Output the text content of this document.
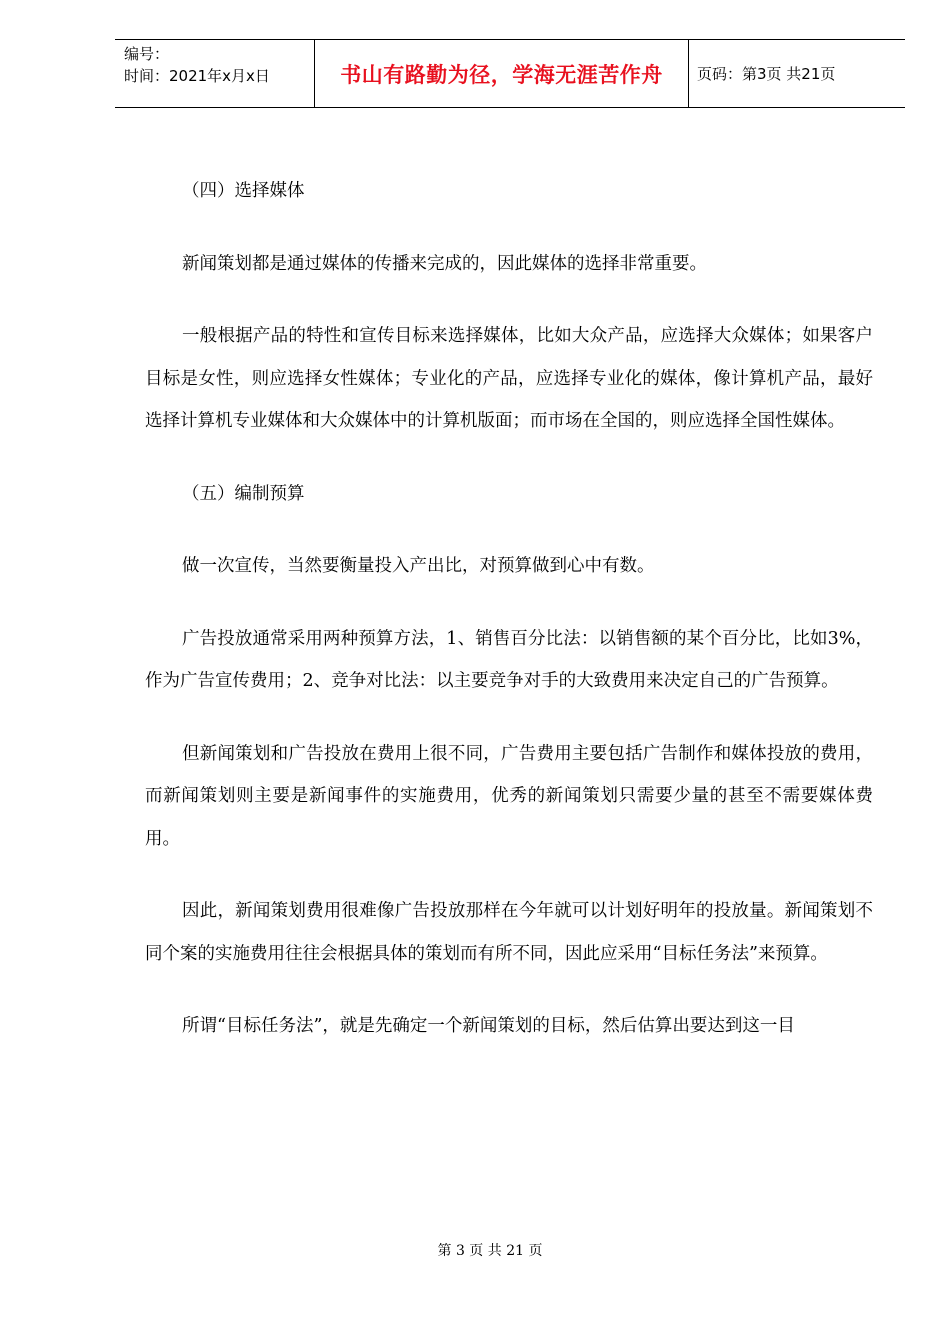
编号：
时间：2021年x月x日	书山有路勤为径，学海无涯苦作舟 页码：第3页 共21页

（四）选择媒体

新闻策划都是通过媒体的传播来完成的，因此媒体的选择非常重要。

一般根据产品的特性和宣传目标来选择媒体，比如大众产品，应选择大众媒体；如果客户目标是女性，则应选择女性媒体；专业化的产品，应选择专业化的媒体，像计算机产品，最好选择计算机专业媒体和大众媒体中的计算机版面；而市场在全国的，则应选择全国性媒体。

（五）编制预算

做一次宣传，当然要衡量投入产出比，对预算做到心中有数。

广告投放通常采用两种预算方法，1、销售百分比法：以销售额的某个百分比，比如3%，作为广告宣传费用；2、竞争对比法：以主要竞争对手的大致费用来决定自己的广告预算。

但新闻策划和广告投放在费用上很不同，广告费用主要包括广告制作和媒体投放的费用，而新闻策划则主要是新闻事件的实施费用，优秀的新闻策划只需要少量的甚至不需要媒体费用。

因此，新闻策划费用很难像广告投放那样在今年就可以计划好明年的投放量。新闻策划不同个案的实施费用往往会根据具体的策划而有所不同，因此应采用“目标任务法”来预算。

所谓“目标任务法”，就是先确定一个新闻策划的目标，然后估算出要达到这一目

第 3 页 共 21 页
